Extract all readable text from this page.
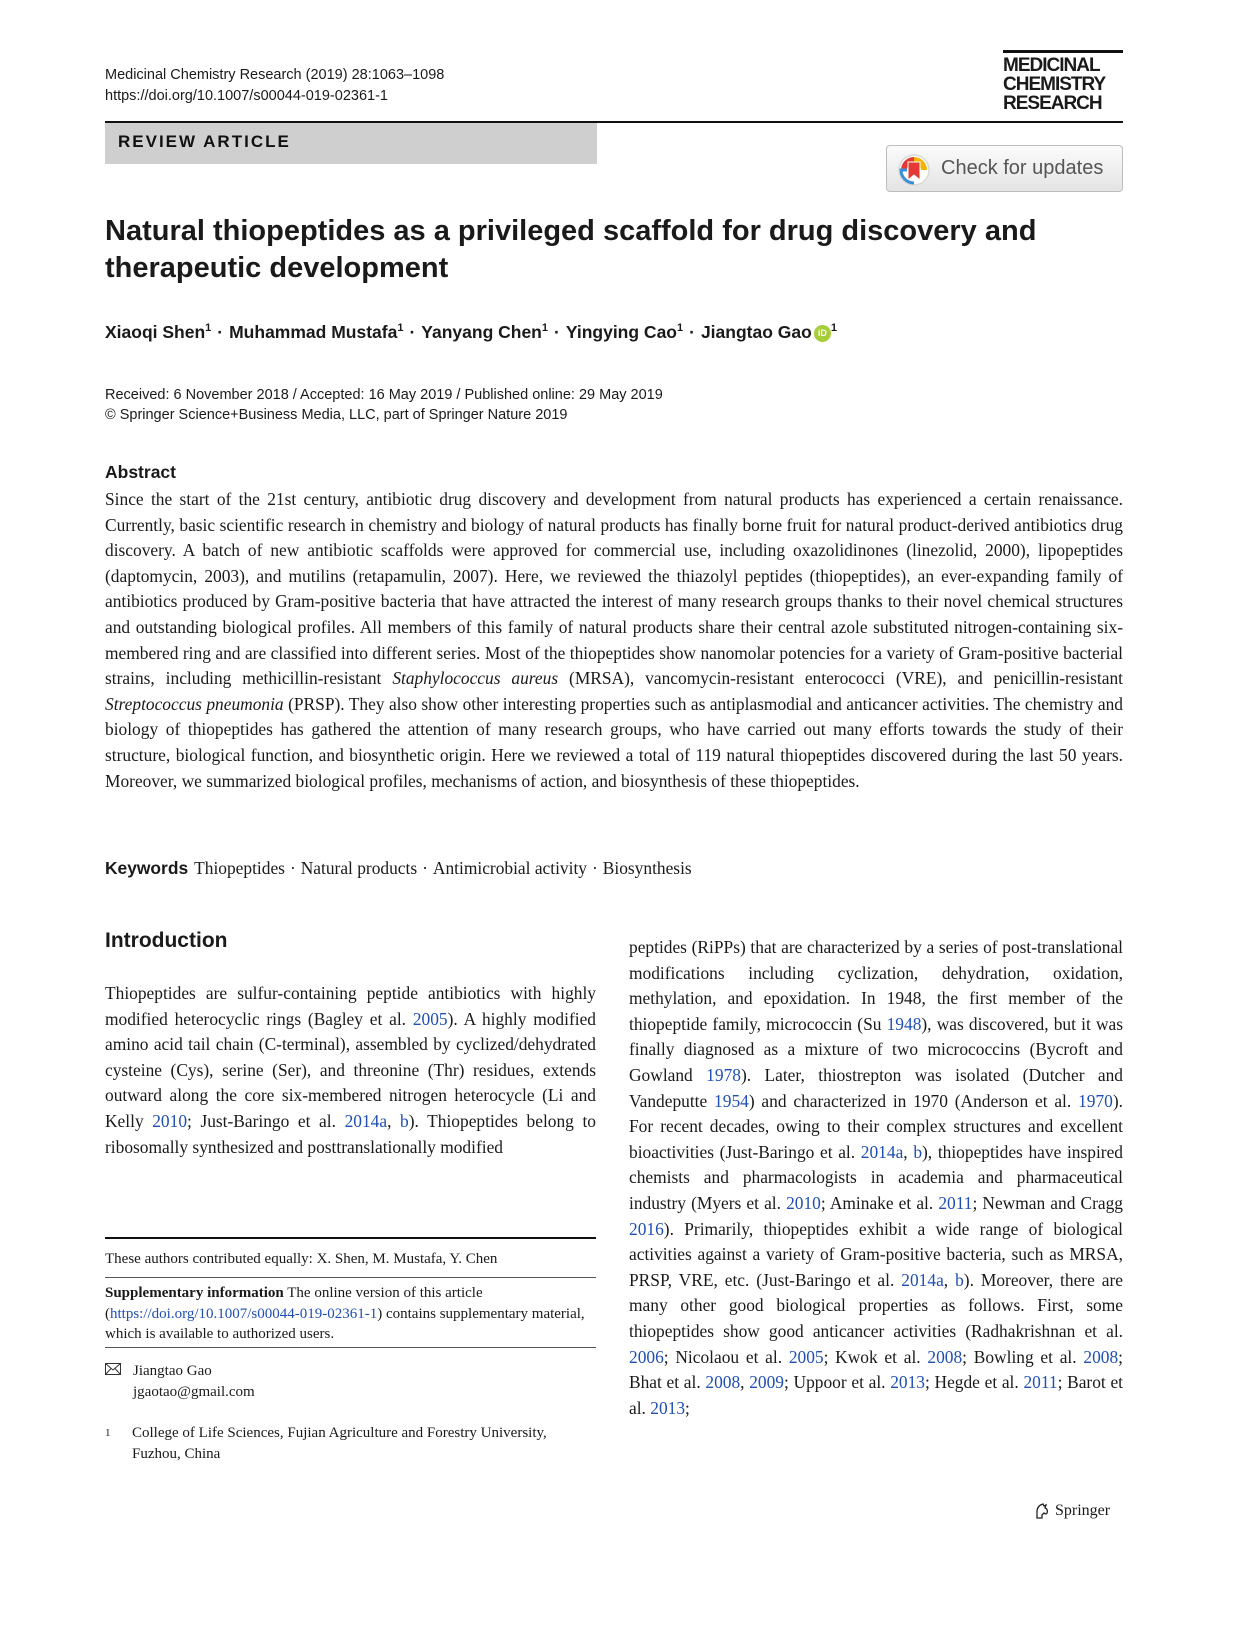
Medicinal Chemistry Research (2019) 28:1063–1098
https://doi.org/10.1007/s00044-019-02361-1
MEDICINAL
CHEMISTRY
RESEARCH
REVIEW ARTICLE
Check for updates
Natural thiopeptides as a privileged scaffold for drug discovery and therapeutic development
Xiaoqi Shen$^1$ · Muhammad Mustafa$^1$ · Yanyang Chen$^1$ · Yingying Cao$^1$ · Jiangtao Gao iD $^1$
Received: 6 November 2018 / Accepted: 16 May 2019 / Published online: 29 May 2019
© Springer Science+Business Media, LLC, part of Springer Nature 2019
Abstract
Since the start of the 21st century, antibiotic drug discovery and development from natural products has experienced a certain renaissance. Currently, basic scientific research in chemistry and biology of natural products has finally borne fruit for natural product-derived antibiotics drug discovery. A batch of new antibiotic scaffolds were approved for commercial use, including oxazolidinones (linezolid, 2000), lipopeptides (daptomycin, 2003), and mutilins (retapamulin, 2007). Here, we reviewed the thiazolyl peptides (thiopeptides), an ever-expanding family of antibiotics produced by Gram-positive bacteria that have attracted the interest of many research groups thanks to their novel chemical structures and outstanding biological profiles. All members of this family of natural products share their central azole substituted nitrogen-containing six-membered ring and are classified into different series. Most of the thiopeptides show nanomolar potencies for a variety of Gram-positive bacterial strains, including methicillin-resistant Staphylococcus aureus (MRSA), vancomycin-resistant enterococci (VRE), and penicillin-resistant Streptococcus pneumonia (PRSP). They also show other interesting properties such as antiplasmodial and anticancer activities. The chemistry and biology of thiopeptides has gathered the attention of many research groups, who have carried out many efforts towards the study of their structure, biological function, and biosynthetic origin. Here we reviewed a total of 119 natural thiopeptides discovered during the last 50 years. Moreover, we summarized biological profiles, mechanisms of action, and biosynthesis of these thiopeptides.
Keywords Thiopeptides · Natural products · Antimicrobial activity · Biosynthesis
Introduction
Thiopeptides are sulfur-containing peptide antibiotics with highly modified heterocyclic rings (Bagley et al. 2005). A highly modified amino acid tail chain (C-terminal), assembled by cyclized/dehydrated cysteine (Cys), serine (Ser), and threonine (Thr) residues, extends outward along the core six-membered nitrogen heterocycle (Li and Kelly 2010; Just-Baringo et al. 2014a, b). Thiopeptides belong to ribosomally synthesized and posttranslationally modified
peptides (RiPPs) that are characterized by a series of post-translational modifications including cyclization, dehydration, oxidation, methylation, and epoxidation. In 1948, the first member of the thiopeptide family, micrococcin (Su 1948), was discovered, but it was finally diagnosed as a mixture of two micrococcins (Bycroft and Gowland 1978). Later, thiostrepton was isolated (Dutcher and Vandeputte 1954) and characterized in 1970 (Anderson et al. 1970). For recent decades, owing to their complex structures and excellent bioactivities (Just-Baringo et al. 2014a, b), thiopeptides have inspired chemists and pharmacologists in academia and pharmaceutical industry (Myers et al. 2010; Aminake et al. 2011; Newman and Cragg 2016). Primarily, thiopeptides exhibit a wide range of biological activities against a variety of Gram-positive bacteria, such as MRSA, PRSP, VRE, etc. (Just-Baringo et al. 2014a, b). Moreover, there are many other good biological properties as follows. First, some thiopeptides show good anticancer activities (Radhakrishnan et al. 2006; Nicolaou et al. 2005; Kwok et al. 2008; Bowling et al. 2008; Bhat et al. 2008, 2009; Uppoor et al. 2013; Hegde et al. 2011; Barot et al. 2013;
These authors contributed equally: X. Shen, M. Mustafa, Y. Chen
Supplementary information The online version of this article (https://doi.org/10.1007/s00044-019-02361-1) contains supplementary material, which is available to authorized users.
Jiangtao Gao
jgaotao@gmail.com
1 College of Life Sciences, Fujian Agriculture and Forestry University, Fuzhou, China
Springer
